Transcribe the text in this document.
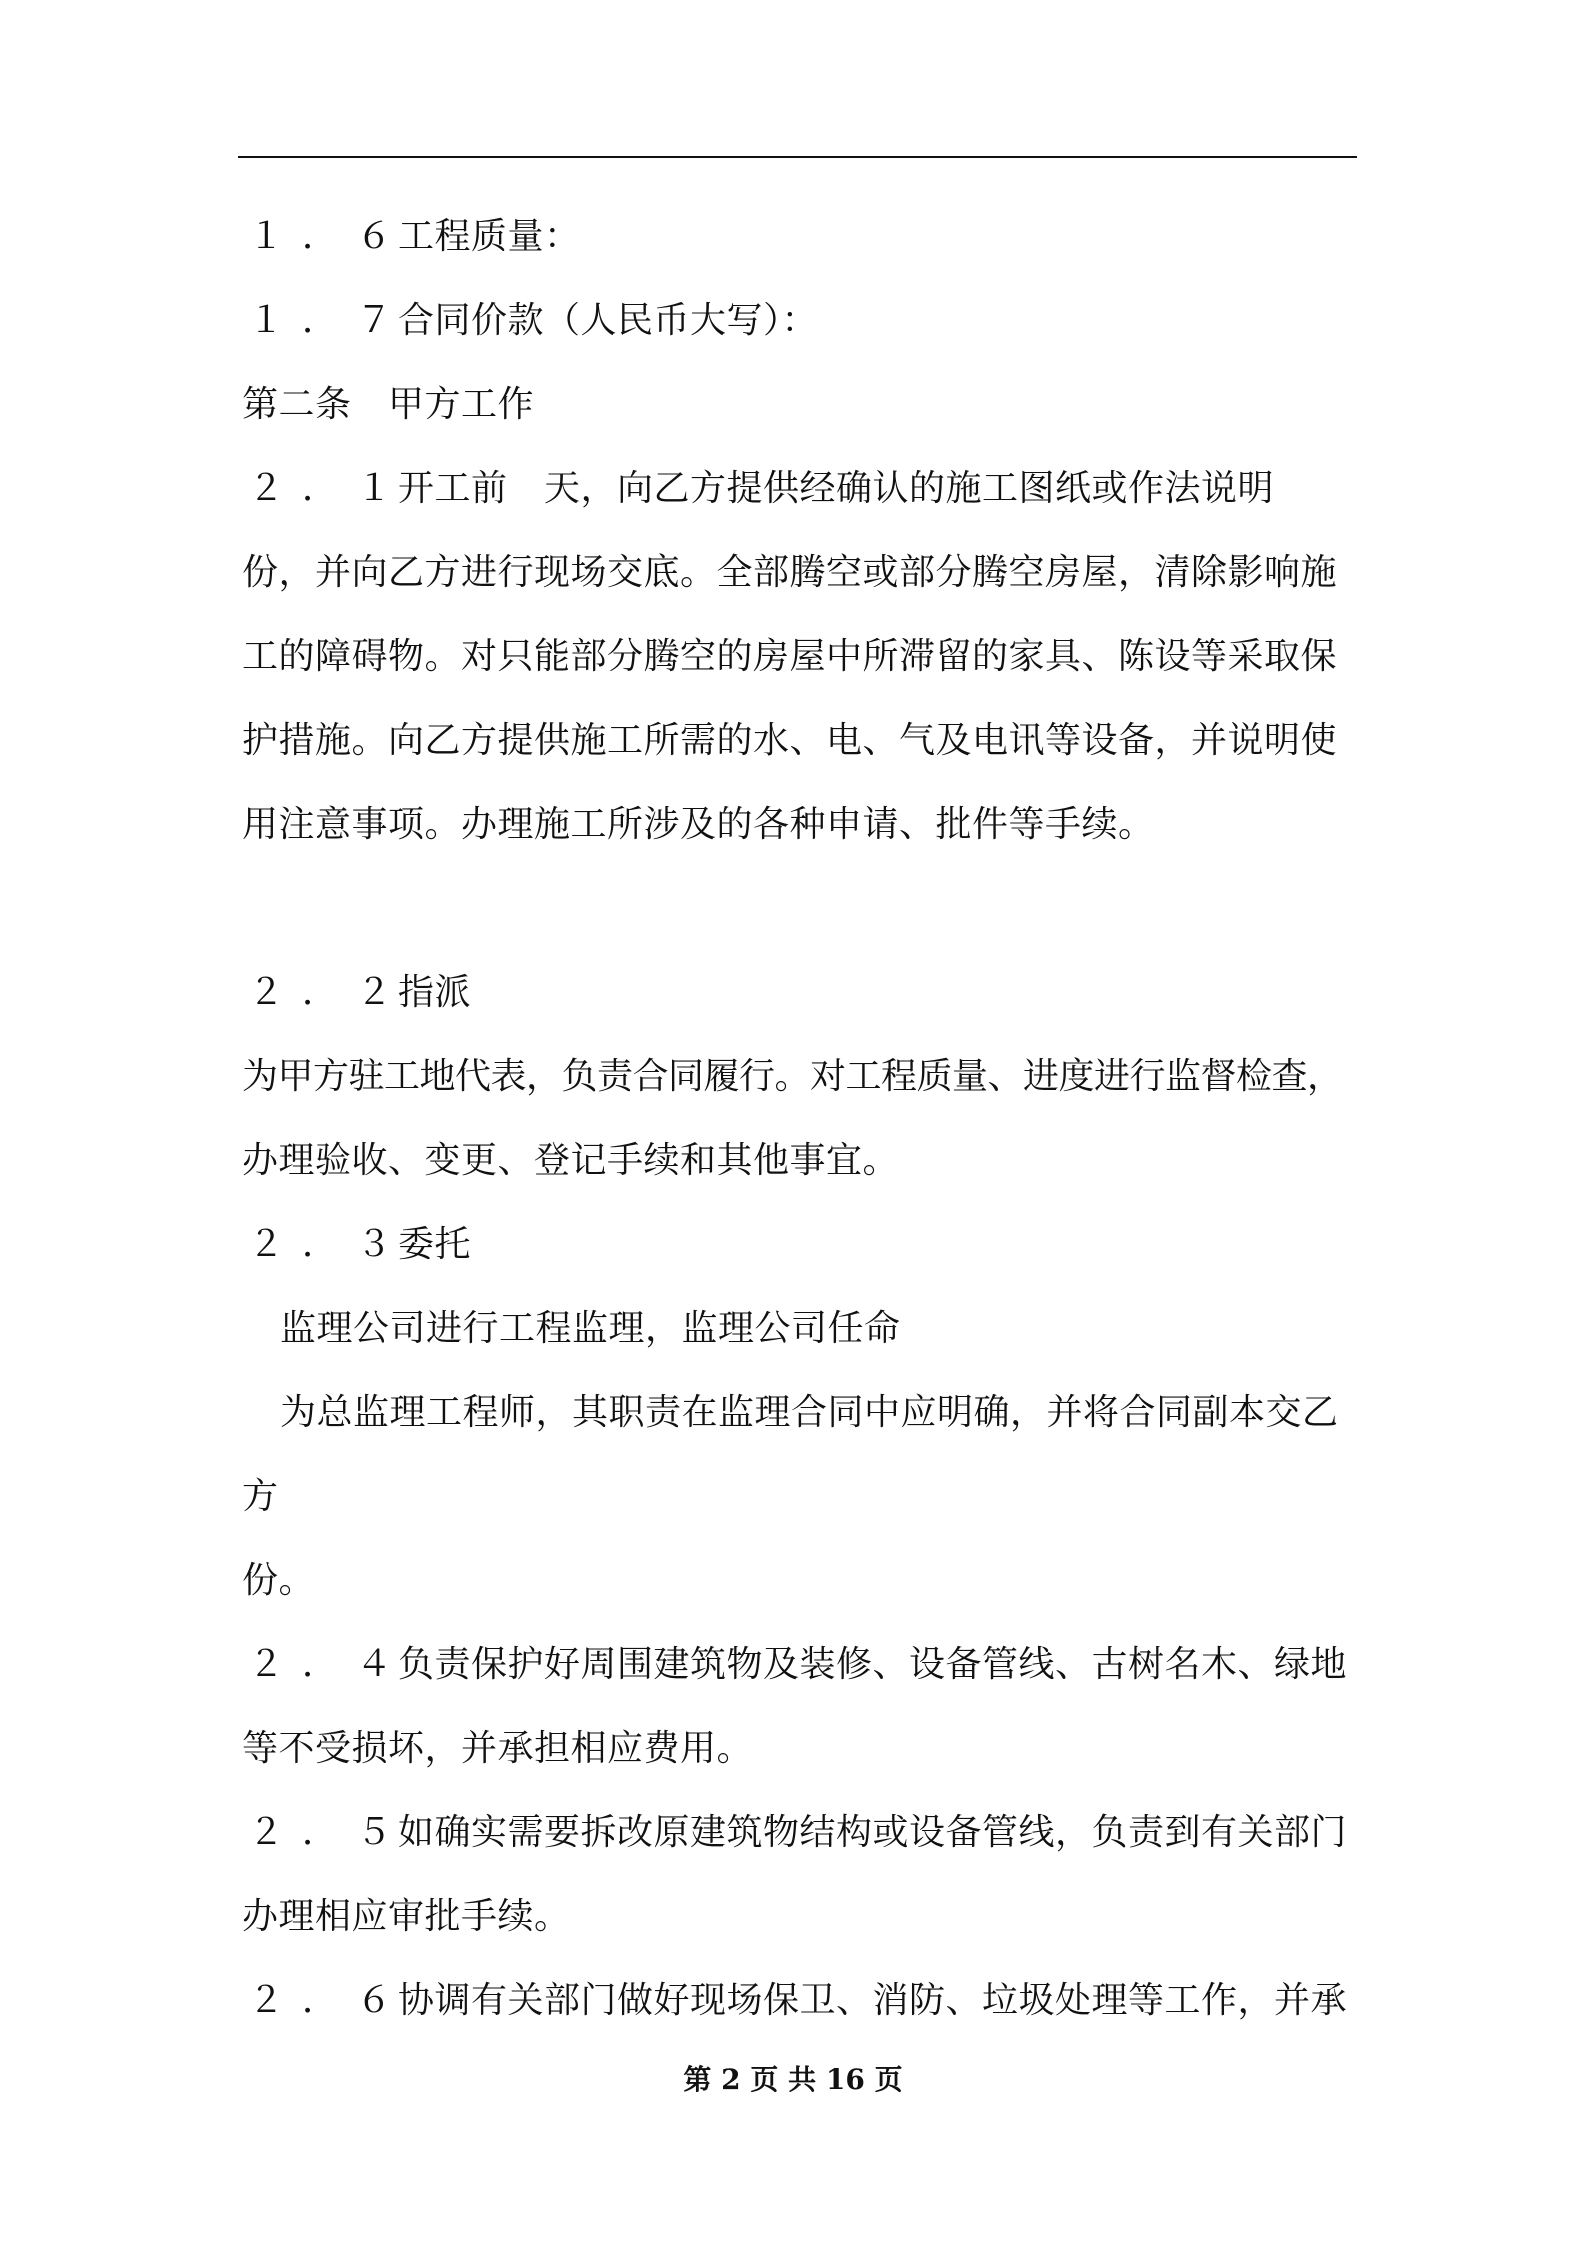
１．６工程质量：
１．７合同价款（人民币大写）：
第二条　甲方工作
２．１开工前　天，向乙方提供经确认的施工图纸或作法说明
份，并向乙方进行现场交底。全部腾空或部分腾空房屋，清除影响施
工的障碍物。对只能部分腾空的房屋中所滞留的家具、陈设等采取保
护措施。向乙方提供施工所需的水、电、气及电讯等设备，并说明使
用注意事项。办理施工所涉及的各种申请、批件等手续。
２．２指派
为甲方驻工地代表，负责合同履行。对工程质量、进度进行监督检查，
办理验收、变更、登记手续和其他事宜。
２．３委托
监理公司进行工程监理，监理公司任命
为总监理工程师，其职责在监理合同中应明确，并将合同副本交乙
方
份。
２．４负责保护好周围建筑物及装修、设备管线、古树名木、绿地
等不受损坏，并承担相应费用。
２．５如确实需要拆改原建筑物结构或设备管线，负责到有关部门
办理相应审批手续。
２．６协调有关部门做好现场保卫、消防、垃圾处理等工作，并承
第 2 页 共 16 页
